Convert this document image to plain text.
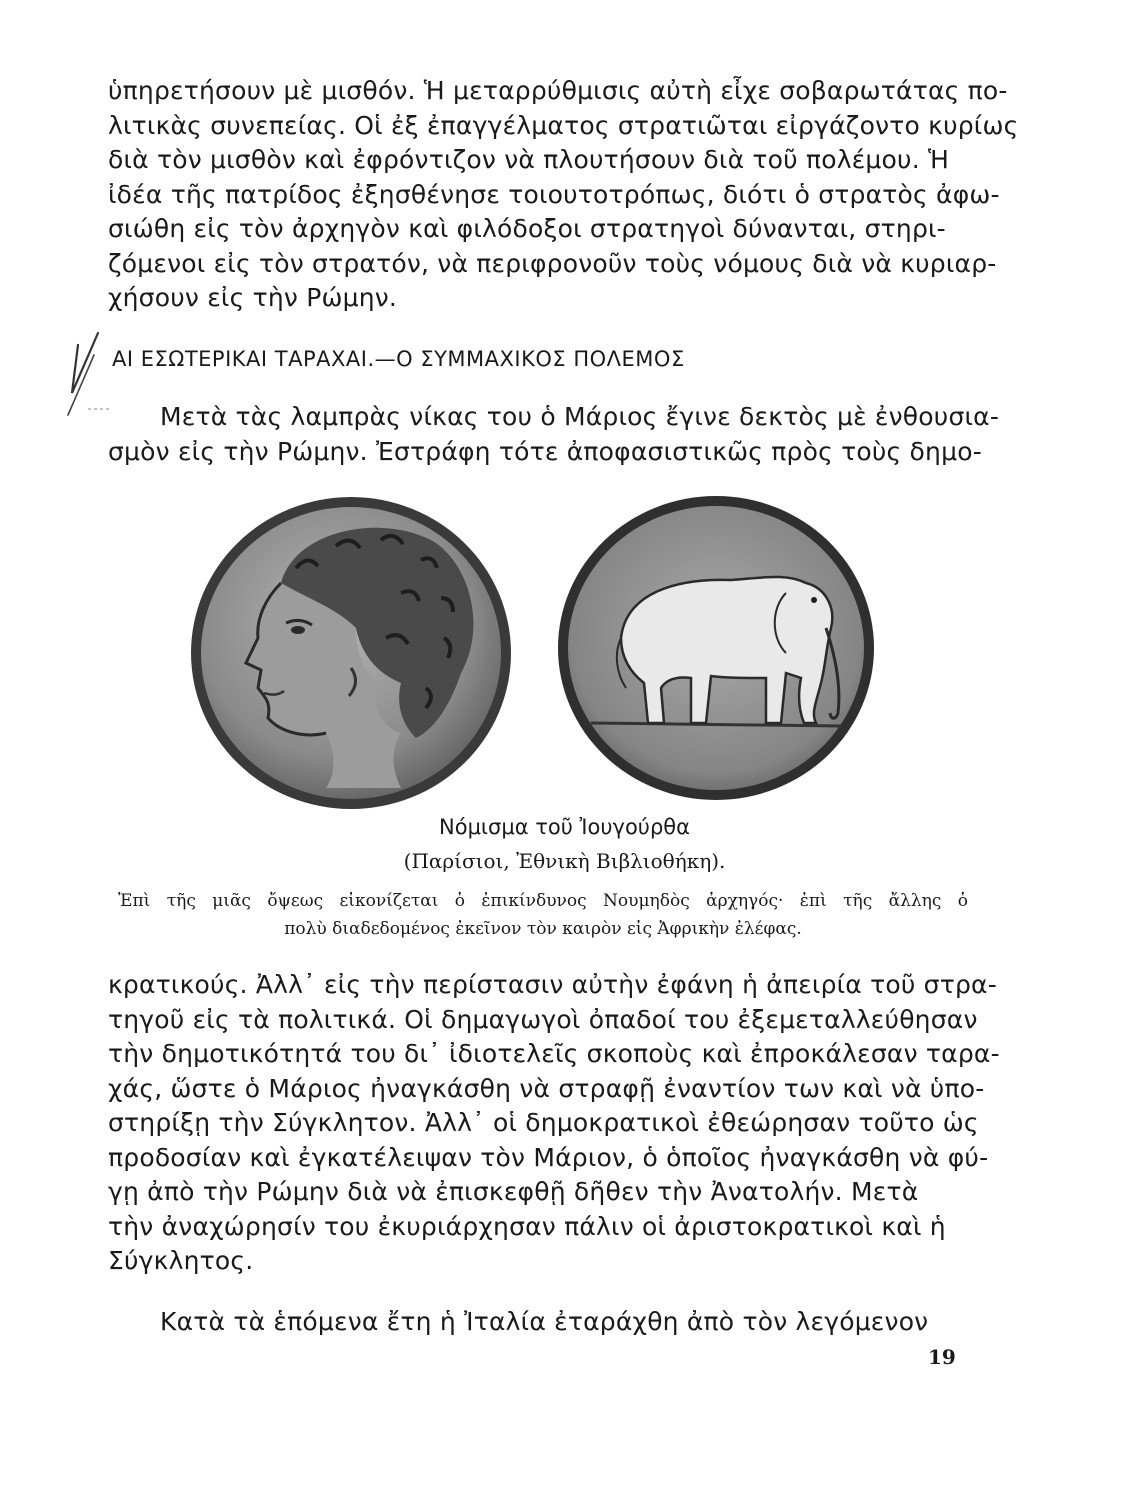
ὑπηρετήσουν μὲ μισθόν. Ἡ μεταρρύθμισις αὐτὴ εἶχε σοβαρωτάτας πο-
λιτικὰς συνεπείας. Οἱ ἐξ ἐπαγγέλματος στρατιῶται εἰργάζοντο κυρίως
διὰ τὸν μισθὸν καὶ ἐφρόντιζον νὰ πλουτήσουν διὰ τοῦ πολέμου. Ἡ
ἰδέα τῆς πατρίδος ἐξησθένησε τοιουτοτρόπως, διότι ὁ στρατὸς ἀφω-
σιώθη εἰς τὸν ἀρχηγὸν καὶ φιλόδοξοι στρατηγοὶ δύνανται, στηρι-
ζόμενοι εἰς τὸν στρατόν, νὰ περιφρονοῦν τοὺς νόμους διὰ νὰ κυριαρ-
χήσουν εἰς τὴν Ρώμην.

ΑΙ ΕΣΩΤΕΡΙΚΑΙ ΤΑΡΑΧΑΙ.—Ο ΣΥΜΜΑΧΙΚΟΣ ΠΟΛΕΜΟΣ

Μετὰ τὰς λαμπρὰς νίκας του ὁ Μάριος ἔγινε δεκτὸς μὲ ἐνθουσια-
σμὸν εἰς τὴν Ρώμην. Ἐστράφη τότε ἀποφασιστικῶς πρὸς τοὺς δημο-

Νόμισμα τοῦ Ἰουγούρθα

(Παρίσιοι, Ἐθνικὴ Βιβλιοθήκη).

Ἐπὶ τῆς μιᾶς ὄψεως εἰκονίζεται ὁ ἐπικίνδυνος Νουμηδὸς ἀρχηγός· ἐπὶ τῆς ἄλλης ὁ
πολὺ διαδεδομένος ἐκεῖνον τὸν καιρὸν εἰς Ἀφρικὴν ἐλέφας.

κρατικούς. Ἀλλ᾿ εἰς τὴν περίστασιν αὐτὴν ἐφάνη ἡ ἀπειρία τοῦ στρα-
τηγοῦ εἰς τὰ πολιτικά. Οἱ δημαγωγοὶ ὀπαδοί του ἐξεμεταλλεύθησαν
τὴν δημοτικότητά του δι᾿ ἰδιοτελεῖς σκοποὺς καὶ ἐπροκάλεσαν ταρα-
χάς, ὥστε ὁ Μάριος ἠναγκάσθη νὰ στραφῇ ἐναντίον των καὶ νὰ ὑπο-
στηρίξῃ τὴν Σύγκλητον. Ἀλλ᾿ οἱ δημοκρατικοὶ ἐθεώρησαν τοῦτο ὡς
προδοσίαν καὶ ἐγκατέλειψαν τὸν Μάριον, ὁ ὁποῖος ἠναγκάσθη νὰ φύ-
γῃ ἀπὸ τὴν Ρώμην διὰ νὰ ἐπισκεφθῇ δῆθεν τὴν Ἀνατολήν. Μετὰ
τὴν ἀναχώρησίν του ἐκυριάρχησαν πάλιν οἱ ἀριστοκρατικοὶ καὶ ἡ
Σύγκλητος.

Κατὰ τὰ ἑπόμενα ἔτη ἡ Ἰταλία ἐταράχθη ἀπὸ τὸν λεγόμενον

19
